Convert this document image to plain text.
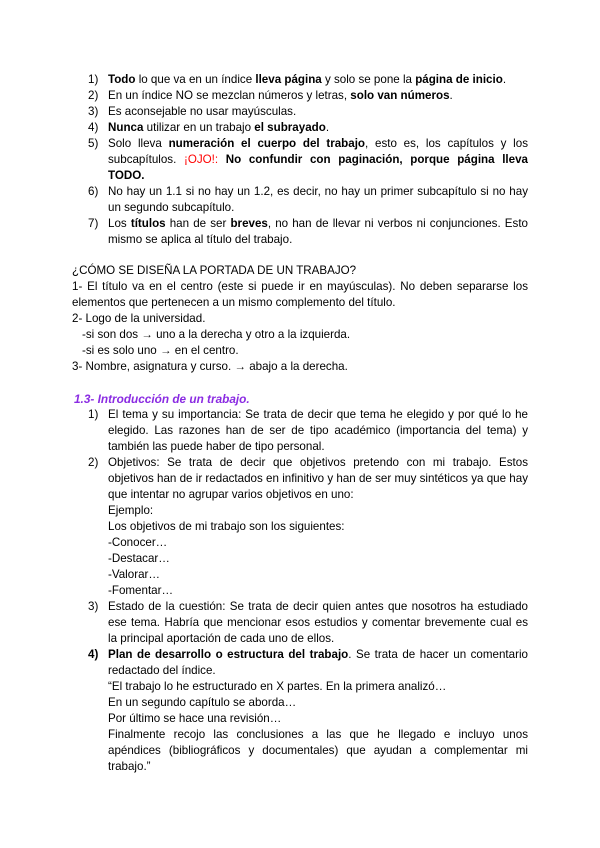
1) Todo lo que va en un índice lleva página y solo se pone la página de inicio.
2) En un índice NO se mezclan números y letras, solo van números.
3) Es aconsejable no usar mayúsculas.
4) Nunca utilizar en un trabajo el subrayado.
5) Solo lleva numeración el cuerpo del trabajo, esto es, los capítulos y los subcapítulos. ¡OJO!: No confundir con paginación, porque página lleva TODO.
6) No hay un 1.1 si no hay un 1.2, es decir, no hay un primer subcapítulo si no hay un segundo subcapítulo.
7) Los títulos han de ser breves, no han de llevar ni verbos ni conjunciones. Esto mismo se aplica al título del trabajo.

¿CÓMO SE DISEÑA LA PORTADA DE UN TRABAJO?

1- El título va en el centro (este si puede ir en mayúsculas). No deben separarse los elementos que pertenecen a un mismo complemento del título.

2- Logo de la universidad.

-si son dos → uno a la derecha y otro a la izquierda.

-si es solo uno → en el centro.

3- Nombre, asignatura y curso. → abajo a la derecha.

1.3- Introducción de un trabajo.
1) El tema y su importancia: Se trata de decir que tema he elegido y por qué lo he elegido. Las razones han de ser de tipo académico (importancia del tema) y también las puede haber de tipo personal.
2) Objetivos: Se trata de decir que objetivos pretendo con mi trabajo. Estos objetivos han de ir redactados en infinitivo y han de ser muy sintéticos ya que hay que intentar no agrupar varios objetivos en uno:

Ejemplo:

Los objetivos de mi trabajo son los siguientes:

-Conocer…

-Destacar…

-Valorar…

-Fomentar…

3) Estado de la cuestión: Se trata de decir quien antes que nosotros ha estudiado ese tema. Habría que mencionar esos estudios y comentar brevemente cual es la principal aportación de cada uno de ellos.
4) Plan de desarrollo o estructura del trabajo. Se trata de hacer un comentario redactado del índice.

“El trabajo lo he estructurado en X partes. En la primera analizó…

En un segundo capítulo se aborda…

Por último se hace una revisión…

Finalmente recojo las conclusiones a las que he llegado e incluyo unos apéndices (bibliográficos y documentales) que ayudan a complementar mi trabajo.”
